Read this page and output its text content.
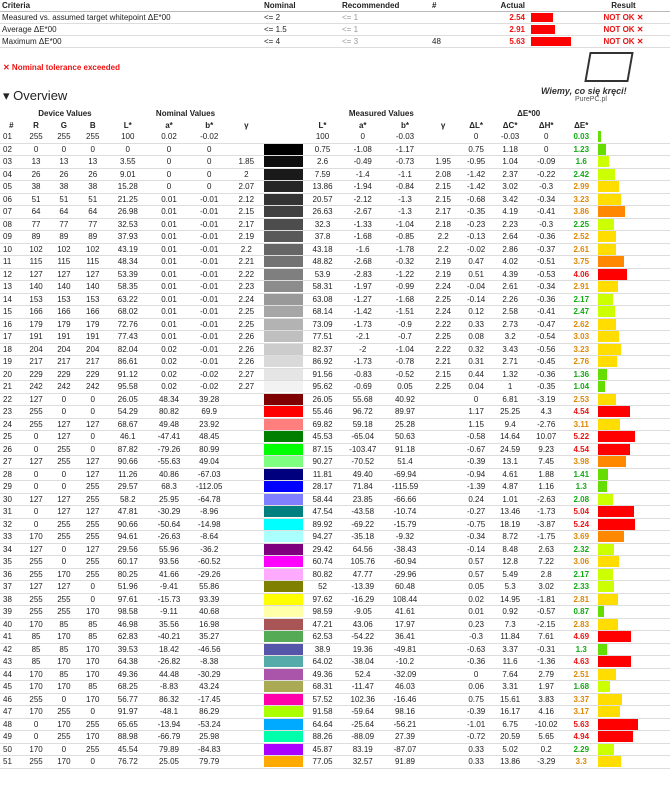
Criteria	Nominal	Recommended	#	Actual		Result
Measured vs. assumed target whitepoint ΔE*00	<= 2	<= 1		2.54		NOT OK ✕
Average ΔE*00	<= 1.5	<= 1		2.91		NOT OK ✕
Maximum ΔE*00	<= 4	<= 3	48	5.63		NOT OK ✕
✕ Nominal tolerance exceeded
▾ Overview	Wiemy, co się kręci!
PurePC.pl
	Device Values			Nominal Values					Measured Values				ΔE*00				
#	R	G	B	L*	a*	b*	γ		L*	a*	b*	γ	ΔL*	ΔC*	ΔH*	ΔE*	
01	255	255	255	100	0.02	-0.02			100	0	-0.03		0	-0.03	0	0.03	

02	0	0	0	0	0	0			0.75	-1.08	-1.17		0.75	1.18	0	1.23	

03	13	13	13	3.55	0	0	1.85		2.6	-0.49	-0.73	1.95	-0.95	1.04	-0.09	1.6	

04	26	26	26	9.01	0	0	2		7.59	-1.4	-1.1	2.08	-1.42	2.37	-0.22	2.42	

05	38	38	38	15.28	0	0	2.07		13.86	-1.94	-0.84	2.15	-1.42	3.02	-0.3	2.99	

06	51	51	51	21.25	0.01	-0.01	2.12		20.57	-2.12	-1.3	2.15	-0.68	3.42	-0.34	3.23	

07	64	64	64	26.98	0.01	-0.01	2.15		26.63	-2.67	-1.3	2.17	-0.35	4.19	-0.41	3.86	

08	77	77	77	32.53	0.01	-0.01	2.17		32.3	-1.33	-1.04	2.18	-0.23	2.23	-0.3	2.25	

09	89	89	89	37.93	0.01	-0.01	2.19		37.8	-1.68	-0.85	2.2	-0.13	2.64	-0.36	2.52	

10	102	102	102	43.19	0.01	-0.01	2.2		43.18	-1.6	-1.78	2.2	-0.02	2.86	-0.37	2.61	

11	115	115	115	48.34	0.01	-0.01	2.21		48.82	-2.68	-0.32	2.19	0.47	4.02	-0.51	3.75	

12	127	127	127	53.39	0.01	-0.01	2.22		53.9	-2.83	-1.22	2.19	0.51	4.39	-0.53	4.06	

13	140	140	140	58.35	0.01	-0.01	2.23		58.31	-1.97	-0.99	2.24	-0.04	2.61	-0.34	2.91	

14	153	153	153	63.22	0.01	-0.01	2.24		63.08	-1.27	-1.68	2.25	-0.14	2.26	-0.36	2.17	

15	166	166	166	68.02	0.01	-0.01	2.25		68.14	-1.42	-1.51	2.24	0.12	2.58	-0.41	2.47	

16	179	179	179	72.76	0.01	-0.01	2.25		73.09	-1.73	-0.9	2.22	0.33	2.73	-0.47	2.62	

17	191	191	191	77.43	0.01	-0.01	2.26		77.51	-2.1	-0.7	2.25	0.08	3.2	-0.54	3.03	

18	204	204	204	82.04	0.02	-0.01	2.26		82.37	-2	-1.04	2.22	0.32	3.43	-0.56	3.23	

19	217	217	217	86.61	0.02	-0.01	2.26		86.92	-1.73	-0.78	2.21	0.31	2.71	-0.45	2.76	

20	229	229	229	91.12	0.02	-0.02	2.27		91.56	-0.83	-0.52	2.15	0.44	1.32	-0.36	1.36	

21	242	242	242	95.58	0.02	-0.02	2.27		95.62	-0.69	0.05	2.25	0.04	1	-0.35	1.04	

22	127	0	0	26.05	48.34	39.28			26.05	55.68	40.92		0	6.81	-3.19	2.53	

23	255	0	0	54.29	80.82	69.9			55.46	96.72	89.97		1.17	25.25	4.3	4.54	

24	255	127	127	68.67	49.48	23.92			69.82	59.18	25.28		1.15	9.4	-2.76	3.11	

25	0	127	0	46.1	-47.41	48.45			45.53	-65.04	50.63		-0.58	14.64	10.07	5.22	

26	0	255	0	87.82	-79.26	80.99			87.15	-103.47	91.18		-0.67	24.59	9.23	4.54	

27	127	255	127	90.66	-55.63	49.04			90.27	-70.52	51.4		-0.39	13.1	7.45	3.98	

28	0	0	127	11.26	40.86	-67.03			11.81	49.40	-69.94		-0.94	4.61	1.88	1.41	

29	0	0	255	29.57	68.3	-112.05			28.17	71.84	-115.59		-1.39	4.87	1.16	1.3	

30	127	127	255	58.2	25.95	-64.78			58.44	23.85	-66.66		0.24	1.01	-2.63	2.08	

31	0	127	127	47.81	-30.29	-8.96			47.54	-43.58	-10.74		-0.27	13.46	-1.73	5.04	

32	0	255	255	90.66	-50.64	-14.98			89.92	-69.22	-15.79		-0.75	18.19	-3.87	5.24	

33	170	255	255	94.61	-26.63	-8.64			94.27	-35.18	-9.32		-0.34	8.72	-1.75	3.69	

34	127	0	127	29.56	55.96	-36.2			29.42	64.56	-38.43		-0.14	8.48	2.63	2.32	

35	255	0	255	60.17	93.56	-60.52			60.74	105.76	-60.94		0.57	12.8	7.22	3.06	

36	255	170	255	80.25	41.66	-29.26			80.82	47.77	-29.96		0.57	5.49	2.8	2.17	

37	127	127	0	51.96	-9.41	55.86			52	-13.39	60.48		0.05	5.3	3.02	2.33	

38	255	255	0	97.61	-15.73	93.39			97.62	-16.29	108.44		0.02	14.95	-1.81	2.81	

39	255	255	170	98.58	-9.11	40.68			98.59	-9.05	41.61		0.01	0.92	-0.57	0.87	

40	170	85	85	46.98	35.56	16.98			47.21	43.06	17.97		0.23	7.3	-2.15	2.83	

41	85	170	85	62.83	-40.21	35.27			62.53	-54.22	36.41		-0.3	11.84	7.61	4.69	

42	85	85	170	39.53	18.42	-46.56			38.9	19.36	-49.81		-0.63	3.37	-0.31	1.3	

43	85	170	170	64.38	-26.82	-8.38			64.02	-38.04	-10.2		-0.36	11.6	-1.36	4.63	

44	170	85	170	49.36	44.48	-30.29			49.36	52.4	-32.09		0	7.64	2.79	2.51	

45	170	170	85	68.25	-8.83	43.24			68.31	-11.47	46.03		0.06	3.31	1.97	1.68	

46	255	0	170	56.77	86.32	-17.45			57.52	102.36	-16.46		0.75	15.61	3.83	3.37	

47	170	255	0	91.97	-48.1	86.29			91.58	-59.64	98.16		-0.39	16.17	4.16	3.17	

48	0	170	255	65.65	-13.94	-53.24			64.64	-25.64	-56.21		-1.01	6.75	-10.02	5.63	

49	0	255	170	88.98	-66.79	25.98			88.26	-88.09	27.39		-0.72	20.59	5.65	4.94	

50	170	0	255	45.54	79.89	-84.83			45.87	83.19	-87.07		0.33	5.02	0.2	2.29	

51	255	170	0	76.72	25.05	79.79			77.05	32.57	91.89		0.33	13.86	-3.29	3.3	
